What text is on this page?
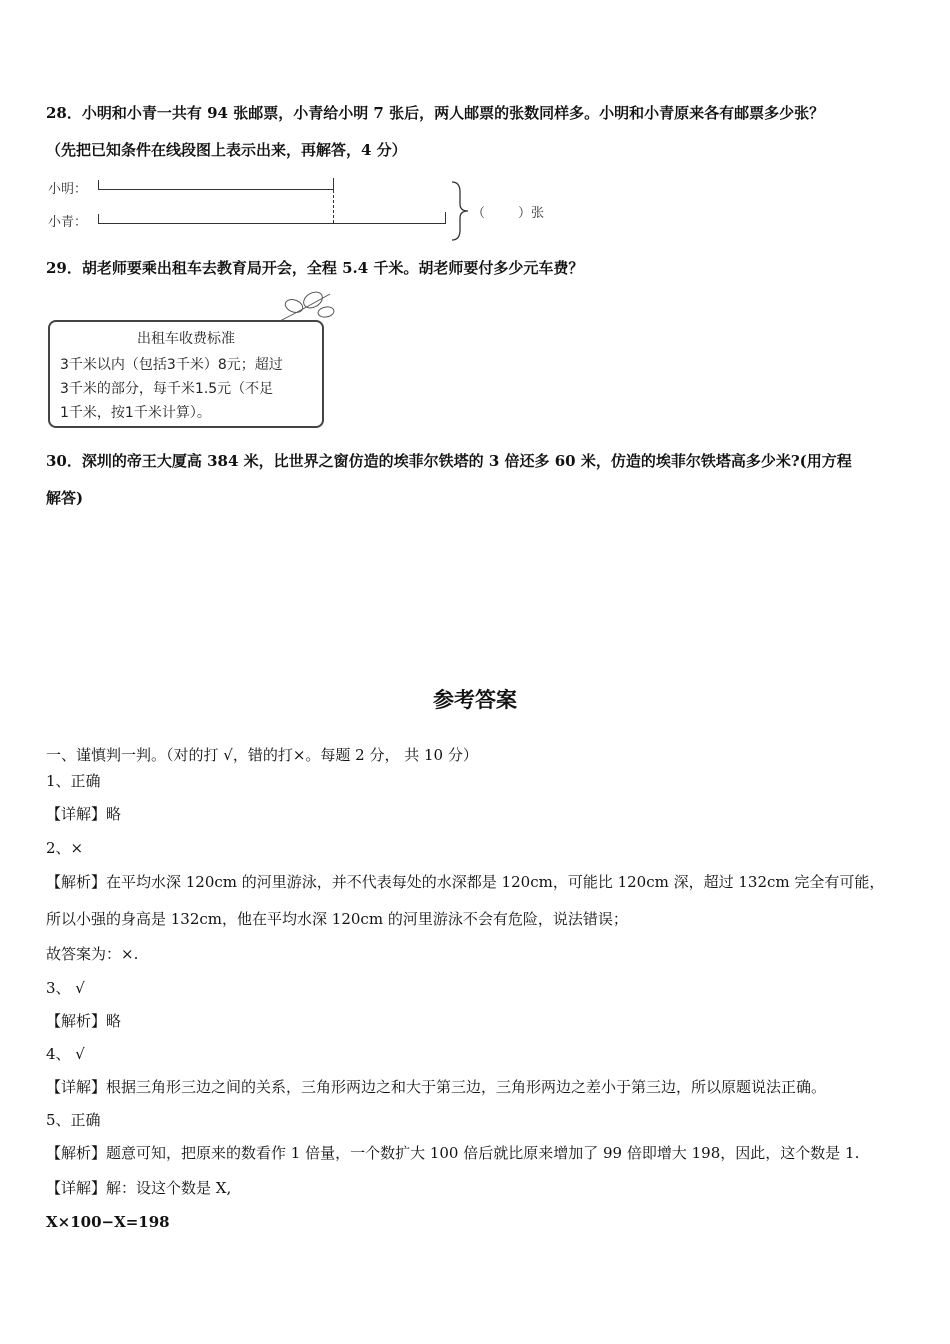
28．小明和小青一共有 94 张邮票，小青给小明 7 张后，两人邮票的张数同样多。小明和小青原来各有邮票多少张？
（先把已知条件在线段图上表示出来，再解答，4 分）
小明：
小青：
（        ）张
29．胡老师要乘出租车去教育局开会，全程 5.4 千米。胡老师要付多少元车费？
出租车收费标准
3千米以内（包括3千米）8元；超过
3千米的部分，每千米1.5元（不足
1千米，按1千米计算）。
30．深圳的帝王大厦高 384 米，比世界之窗仿造的埃菲尔铁塔的 3 倍还多 60 米，仿造的埃菲尔铁塔高多少米?(用方程
解答)
参考答案
一、谨慎判一判。（对的打 √，错的打×。每题 2 分， 共 10 分）
1、正确
【详解】略
2、×
【解析】在平均水深 120cm 的河里游泳，并不代表每处的水深都是 120cm，可能比 120cm 深，超过 132cm 完全有可能，
所以小强的身高是 132cm，他在平均水深 120cm 的河里游泳不会有危险，说法错误；
故答案为：×.
3、 √
【解析】略
4、 √
【详解】根据三角形三边之间的关系，三角形两边之和大于第三边，三角形两边之差小于第三边，所以原题说法正确。
5、正确
【解析】题意可知，把原来的数看作 1 倍量，一个数扩大 100 倍后就比原来增加了 99 倍即增大 198，因此，这个数是 1.
【详解】解：设这个数是 X,
X×100−X=198
